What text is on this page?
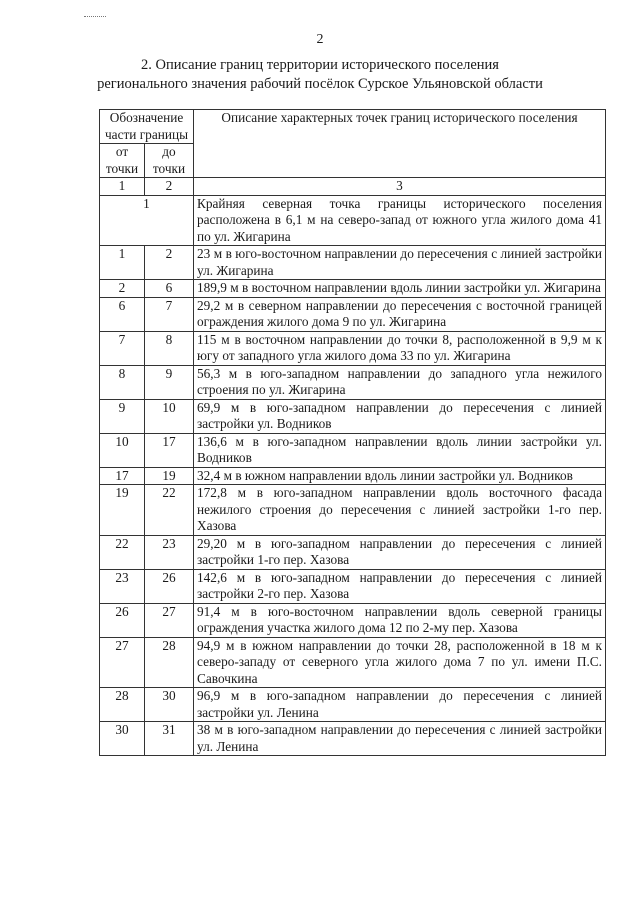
2
2. Описание границ территории исторического поселения регионального значения рабочий посёлок Сурское Ульяновской области
Обозначение части границы		Описание характерных точек границ исторического поселения
от точки	до точки	
1	2	3
1		Крайняя северная точка границы исторического поселения расположена в 6,1 м на северо-запад от южного угла жилого дома 41 по ул. Жигарина
1	2	23 м в юго-восточном направлении до пересечения с линией застройки ул. Жигарина
2	6	189,9 м в восточном направлении вдоль линии застройки ул. Жигарина
6	7	29,2 м в северном направлении до пересечения с восточной границей ограждения жилого дома 9 по ул. Жигарина
7	8	115 м в восточном направлении до точки 8, расположенной в 9,9 м к югу от западного угла жилого дома 33 по ул. Жигарина
8	9	56,3 м в юго-западном направлении до западного угла нежилого строения по ул. Жигарина
9	10	69,9 м в юго-западном направлении до пересечения с линией застройки ул. Водников
10	17	136,6 м в юго-западном направлении вдоль линии застройки ул. Водников
17	19	32,4 м в южном направлении вдоль линии застройки ул. Водников
19	22	172,8 м в юго-западном направлении вдоль восточного фасада нежилого строения до пересечения с линией застройки 1-го пер. Хазова
22	23	29,20 м в юго-западном направлении до пересечения с линией застройки 1-го пер. Хазова
23	26	142,6 м в юго-западном направлении до пересечения с линией застройки 2-го пер. Хазова
26	27	91,4 м в юго-восточном направлении вдоль северной границы ограждения участка жилого дома 12 по 2-му пер. Хазова
27	28	94,9 м в южном направлении до точки 28, расположенной в 18 м к северо-западу от северного угла жилого дома 7 по ул. имени П.С. Савочкина
28	30	96,9 м в юго-западном направлении до пересечения с линией застройки ул. Ленина
30	31	38 м в юго-западном направлении до пересечения с линией застройки ул. Ленина
